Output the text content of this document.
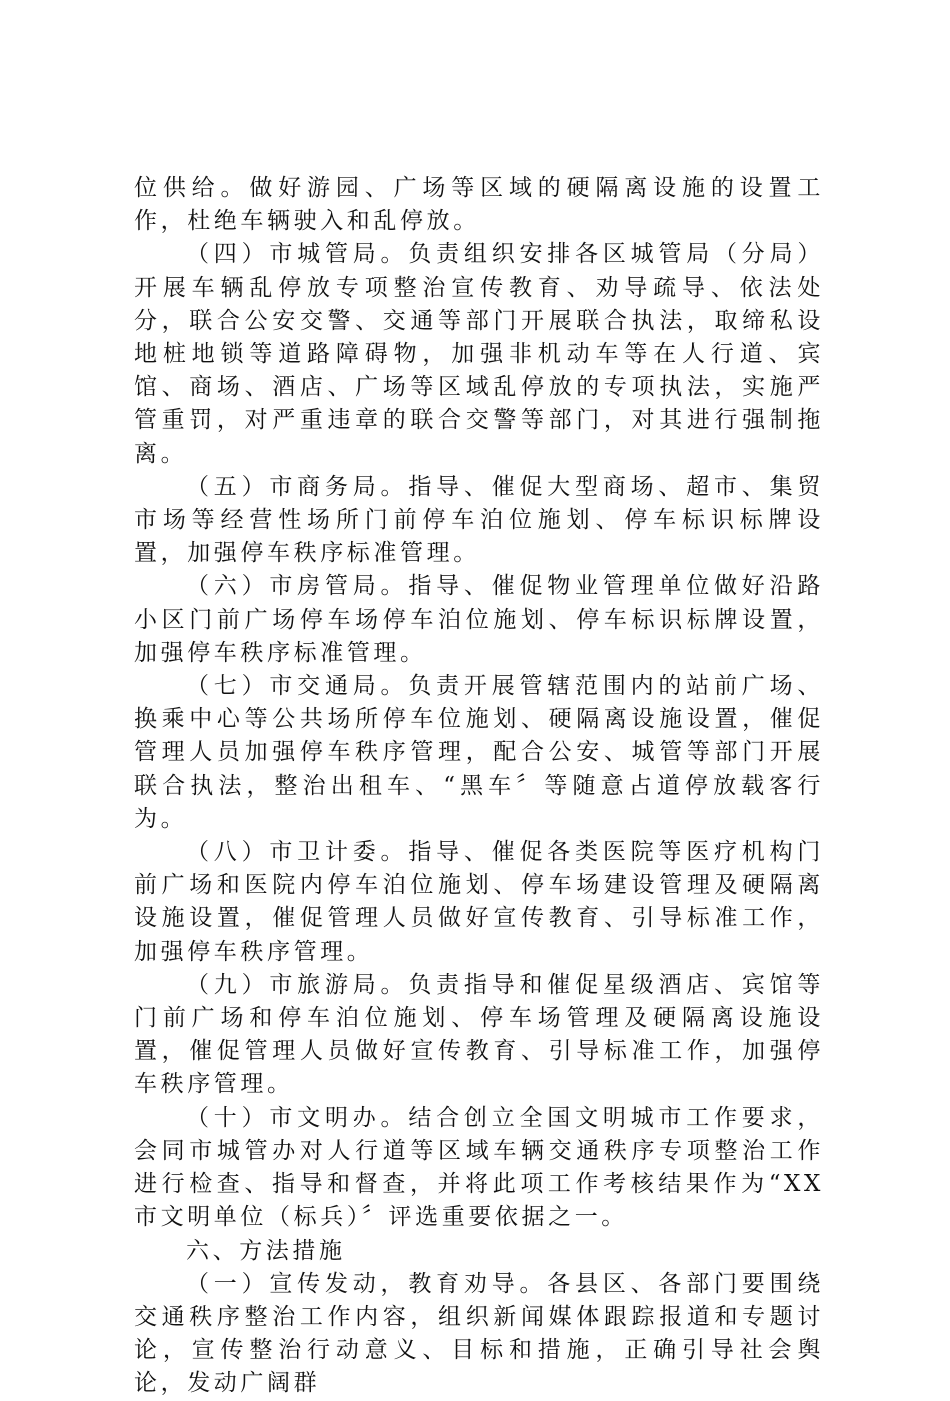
位供给。做好游园、广场等区域的硬隔离设施的设置工作，杜绝车辆驶入和乱停放。

（四）市城管局。负责组织安排各区城管局（分局）开展车辆乱停放专项整治宣传教育、劝导疏导、依法处分，联合公安交警、交通等部门开展联合执法，取缔私设地桩地锁等道路障碍物，加强非机动车等在人行道、宾馆、商场、酒店、广场等区域乱停放的专项执法，实施严管重罚，对严重违章的联合交警等部门，对其进行强制拖离。

（五）市商务局。指导、催促大型商场、超市、集贸市场等经营性场所门前停车泊位施划、停车标识标牌设置，加强停车秩序标准管理。

（六）市房管局。指导、催促物业管理单位做好沿路小区门前广场停车场停车泊位施划、停车标识标牌设置，加强停车秩序标准管理。

（七）市交通局。负责开展管辖范围内的站前广场、换乘中心等公共场所停车位施划、硬隔离设施设置，催促管理人员加强停车秩序管理，配合公安、城管等部门开展联合执法，整治出租车、“黑车〞等随意占道停放载客行为。

（八）市卫计委。指导、催促各类医院等医疗机构门前广场和医院内停车泊位施划、停车场建设管理及硬隔离设施设置，催促管理人员做好宣传教育、引导标准工作，加强停车秩序管理。

（九）市旅游局。负责指导和催促星级酒店、宾馆等门前广场和停车泊位施划、停车场管理及硬隔离设施设置，催促管理人员做好宣传教育、引导标准工作，加强停车秩序管理。

（十）市文明办。结合创立全国文明城市工作要求，会同市城管办对人行道等区域车辆交通秩序专项整治工作进行检查、指导和督查，并将此项工作考核结果作为“XX市文明单位（标兵）〞评选重要依据之一。

六、方法措施

（一）宣传发动，教育劝导。各县区、各部门要围绕交通秩序整治工作内容，组织新闻媒体跟踪报道和专题讨论，宣传整治行动意义、目标和措施，正确引导社会舆论，发动广阔群
